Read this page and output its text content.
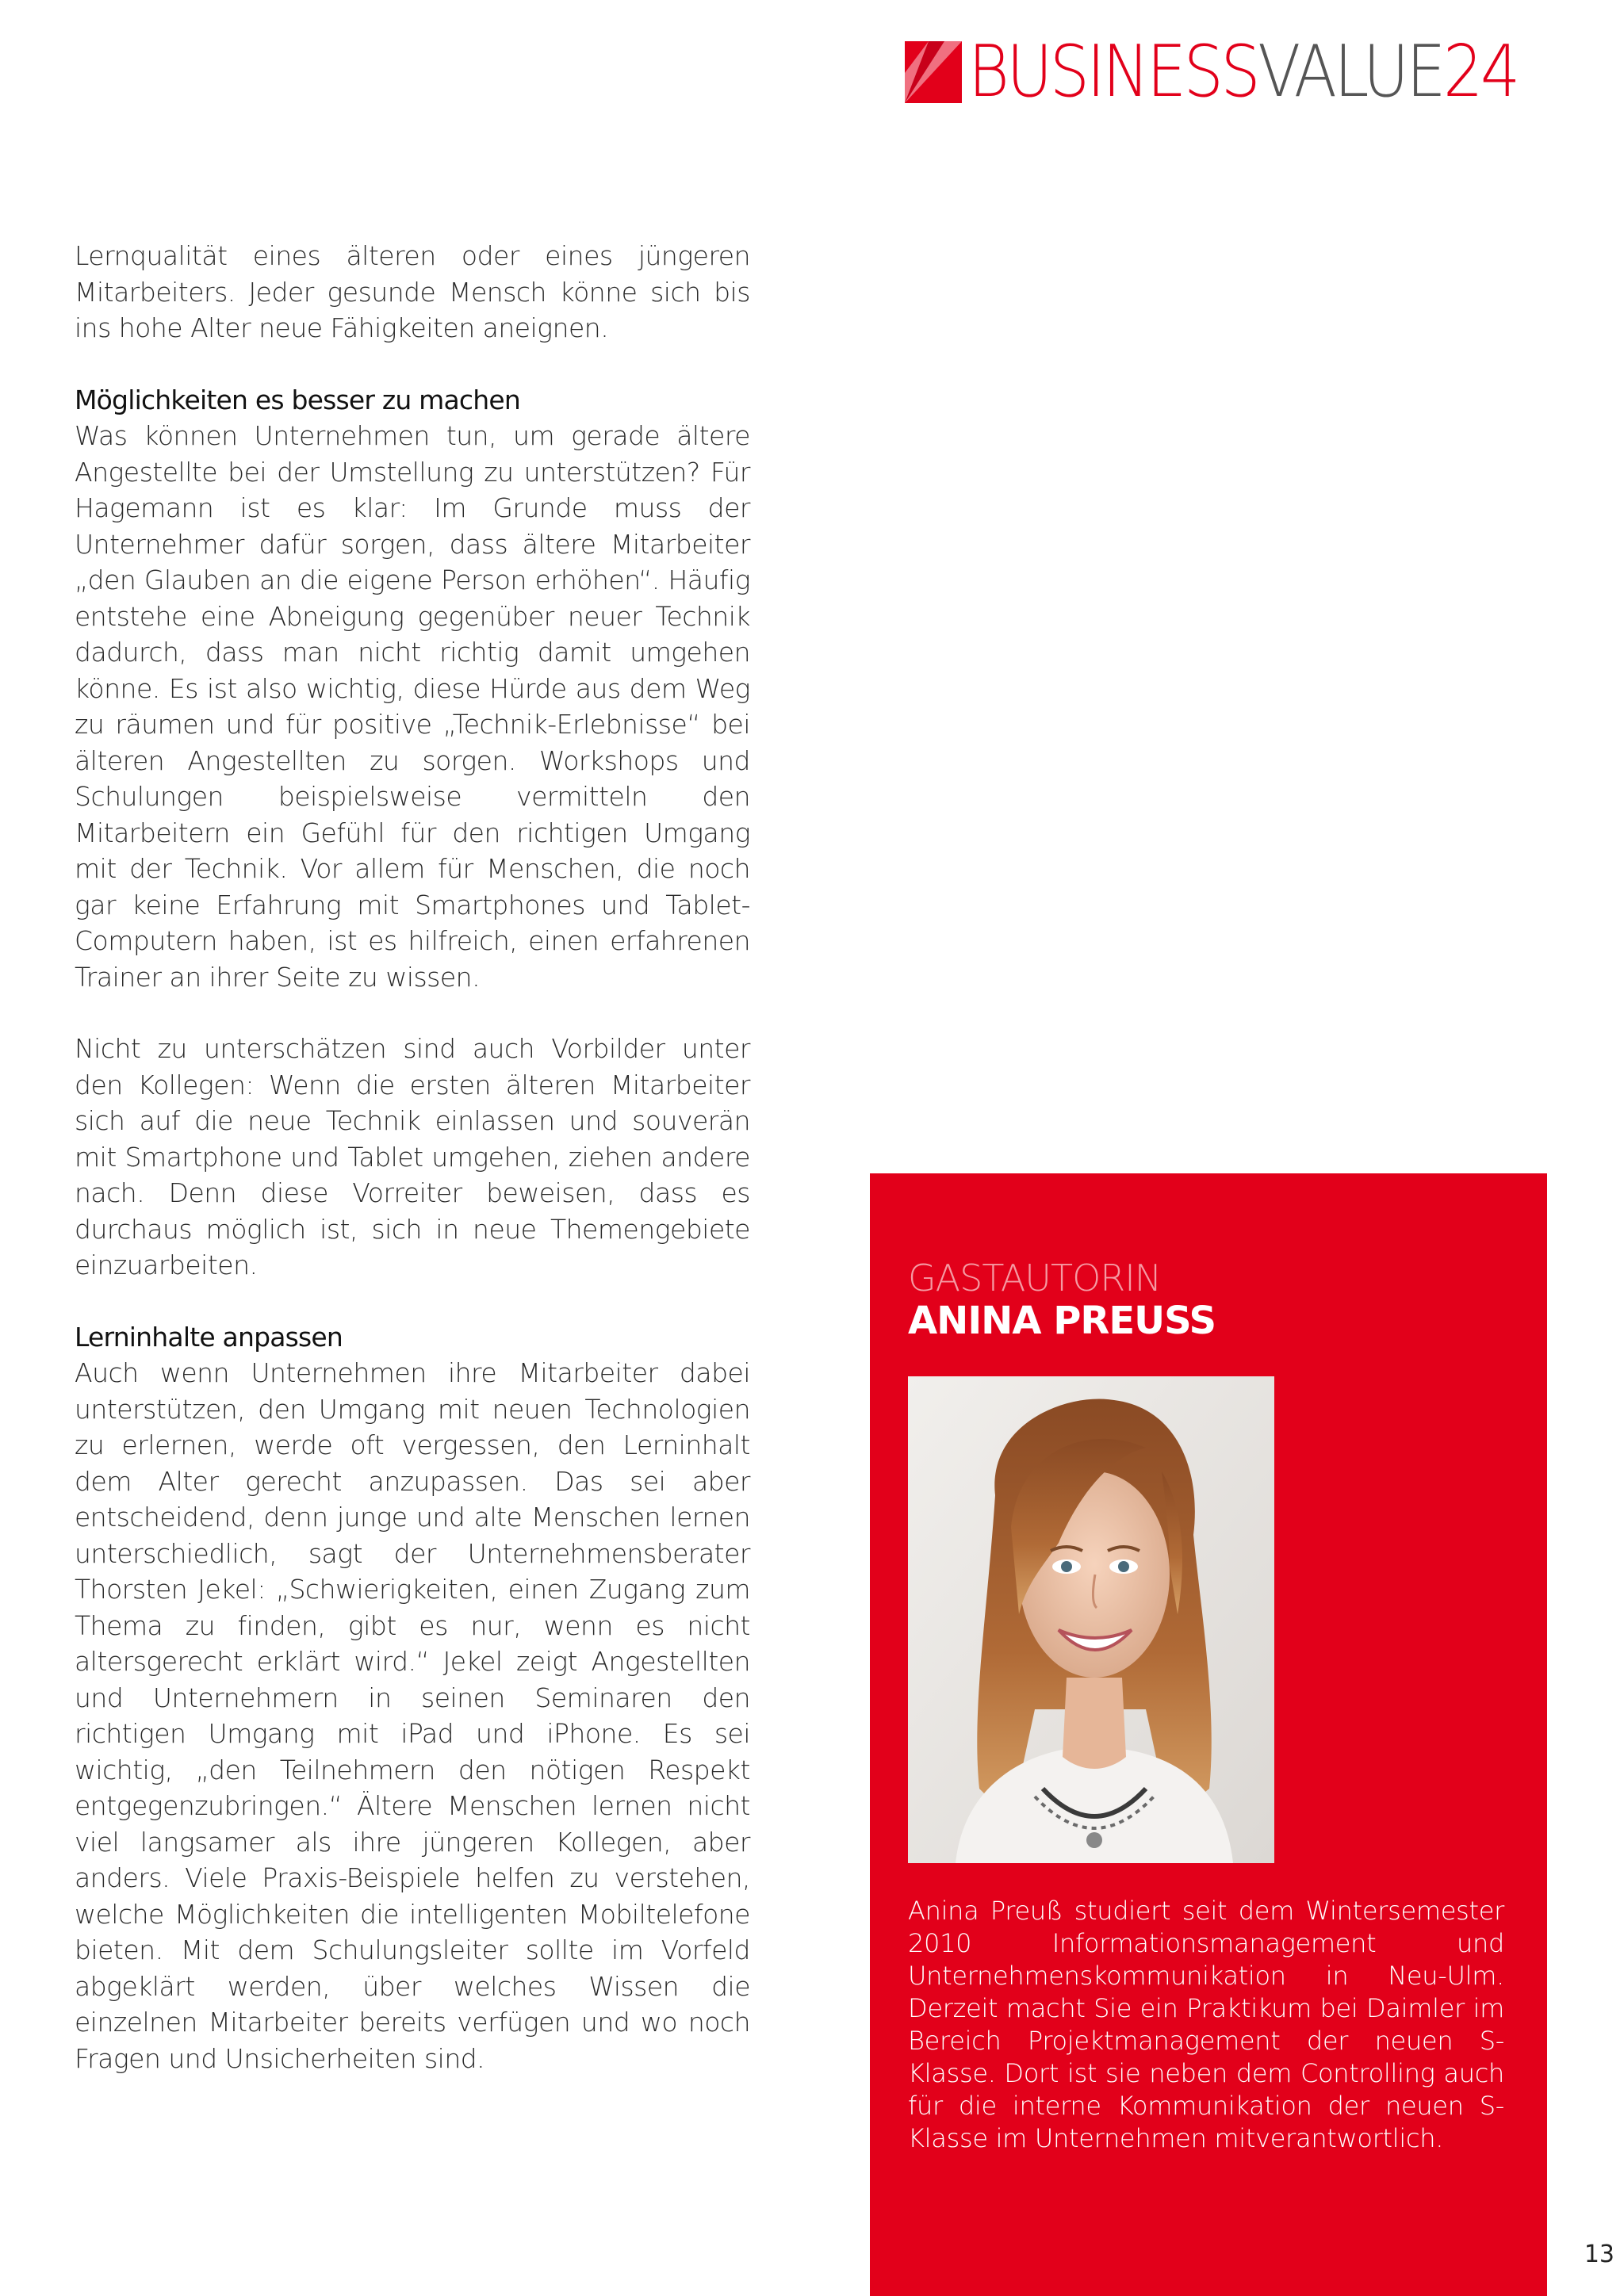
BUSINESS VALUE 24

Lernqualität eines älteren oder eines jüngeren Mitarbeiters. Jeder gesunde Mensch könne sich bis ins hohe Alter neue Fähigkeiten aneignen.

Möglichkeiten es besser zu machen

Was können Unternehmen tun, um gerade ältere Angestellte bei der Umstellung zu unterstützen? Für Hagemann ist es klar: Im Grunde muss der Unternehmer dafür sorgen, dass ältere Mitarbeiter „den Glauben an die eigene Person erhöhen“. Häufig entstehe eine Abneigung gegenüber neuer Technik dadurch, dass man nicht richtig damit umgehen könne. Es ist also wichtig, diese Hürde aus dem Weg zu räumen und für positive „Technik-Erlebnisse“ bei älteren Angestellten zu sorgen. Workshops und Schulungen beispielsweise vermitteln den Mitarbeitern ein Gefühl für den richtigen Umgang mit der Technik. Vor allem für Menschen, die noch gar keine Erfahrung mit Smartphones und Tablet-Computern haben, ist es hilfreich, einen erfahrenen Trainer an ihrer Seite zu wissen.

Nicht zu unterschätzen sind auch Vorbilder unter den Kollegen: Wenn die ersten älteren Mitarbeiter sich auf die neue Technik einlassen und souverän mit Smartphone und Tablet umgehen, ziehen andere nach. Denn diese Vorreiter beweisen, dass es durchaus möglich ist, sich in neue Themengebiete einzuarbeiten.

Lerninhalte anpassen

Auch wenn Unternehmen ihre Mitarbeiter dabei unterstützen, den Umgang mit neuen Technologien zu erlernen, werde oft vergessen, den Lerninhalt dem Alter gerecht anzupassen. Das sei aber entscheidend, denn junge und alte Menschen lernen unterschiedlich, sagt der Unternehmensberater Thorsten Jekel: „Schwierigkeiten, einen Zugang zum Thema zu finden, gibt es nur, wenn es nicht altersgerecht erklärt wird.“ Jekel zeigt Angestellten und Unternehmern in seinen Seminaren den richtigen Umgang mit iPad und iPhone. Es sei wichtig, „den Teilnehmern den nötigen Respekt entgegenzubringen.“ Ältere Menschen lernen nicht viel langsamer als ihre jüngeren Kollegen, aber anders. Viele Praxis-Beispiele helfen zu verstehen, welche Möglichkeiten die intelligenten Mobiltelefone bieten. Mit dem Schulungsleiter sollte im Vorfeld abgeklärt werden, über welches Wissen die einzelnen Mitarbeiter bereits verfügen und wo noch Fragen und Unsicherheiten sind.

GASTAUTORIN
ANINA PREUSS

Anina Preuß studiert seit dem Wintersemester 2010 Informationsmanagement und Unternehmenskommunikation in Neu-Ulm. Derzeit macht Sie ein Praktikum bei Daimler im Bereich Projektmanagement der neuen S-Klasse. Dort ist sie neben dem Controlling auch für die interne Kommunikation der neuen S-Klasse im Unternehmen mitverantwortlich.

13
